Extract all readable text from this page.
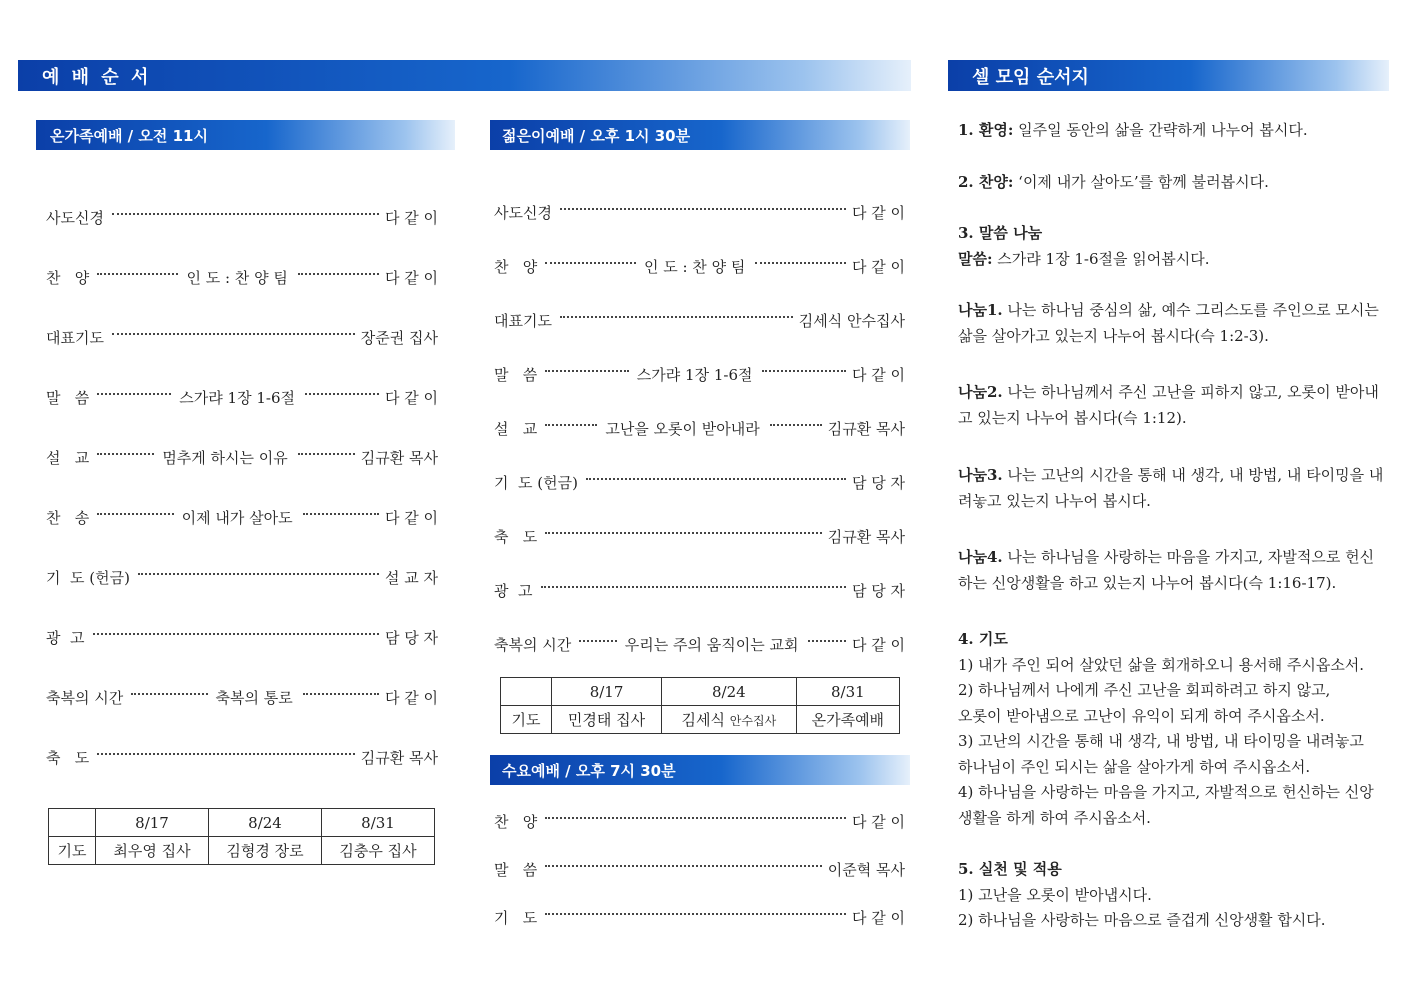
예 배 순 서	셀 모임 순서지
온가족예배 / 오전 11시
사도신경	다 같 이
찬   양	인 도 : 찬 양 팀	다 같 이
대표기도	장준권 집사
말   씀	스가랴 1장 1-6절	다 같 이
설   교	멈추게 하시는 이유	김규환 목사
찬   송	이제 내가 살아도	다 같 이
기  도 (헌금)	설 교 자
광  고	담 당 자
축복의 시간	축복의 통로	다 같 이
축   도	김규환 목사
	8/17	8/24	8/31
기도	최우영 집사	김형경 장로	김충우 집사
젊은이예배 / 오후 1시 30분
사도신경	다 같 이
찬   양	인 도 : 찬 양 팀	다 같 이
대표기도	김세식 안수집사
말   씀	스가랴 1장 1-6절	다 같 이
설   교	고난을 오롯이 받아내라	김규환 목사
기  도 (헌금)	담 당 자
축   도	김규환 목사
광  고	담 당 자
축복의 시간	우리는 주의 움직이는 교회	다 같 이
	8/17	8/24	8/31
기도	민경태 집사	김세식 안수집사	온가족예배
수요예배 / 오후 7시 30분
찬   양	다 같 이
말   씀	이준혁 목사
기   도	다 같 이
1. 환영: 일주일 동안의 삶을 간략하게 나누어 봅시다.
2. 찬양: ‘이제 내가 살아도’를 함께 불러봅시다.
3. 말씀 나눔
말씀: 스가랴 1장 1-6절을 읽어봅시다.
나눔1. 나는 하나님 중심의 삶, 예수 그리스도를 주인으로 모시는 삶을 살아가고 있는지 나누어 봅시다(슥 1:2-3).
나눔2. 나는 하나님께서 주신 고난을 피하지 않고, 오롯이 받아내고 있는지 나누어 봅시다(슥 1:12).
나눔3. 나는 고난의 시간을 통해 내 생각, 내 방법, 내 타이밍을 내려놓고 있는지 나누어 봅시다.
나눔4. 나는 하나님을 사랑하는 마음을 가지고, 자발적으로 헌신하는 신앙생활을 하고 있는지 나누어 봅시다(슥 1:16-17).
4. 기도
1) 내가 주인 되어 살았던 삶을 회개하오니 용서해 주시옵소서.
2) 하나님께서 나에게 주신 고난을 회피하려고 하지 않고,
오롯이 받아냄으로 고난이 유익이 되게 하여 주시옵소서.
3) 고난의 시간을 통해 내 생각, 내 방법, 내 타이밍을 내려놓고
하나님이 주인 되시는 삶을 살아가게 하여 주시옵소서.
4) 하나님을 사랑하는 마음을 가지고, 자발적으로 헌신하는 신앙
생활을 하게 하여 주시옵소서.
5. 실천 및 적용
1) 고난을 오롯이 받아냅시다.
2) 하나님을 사랑하는 마음으로 즐겁게 신앙생활 합시다.
